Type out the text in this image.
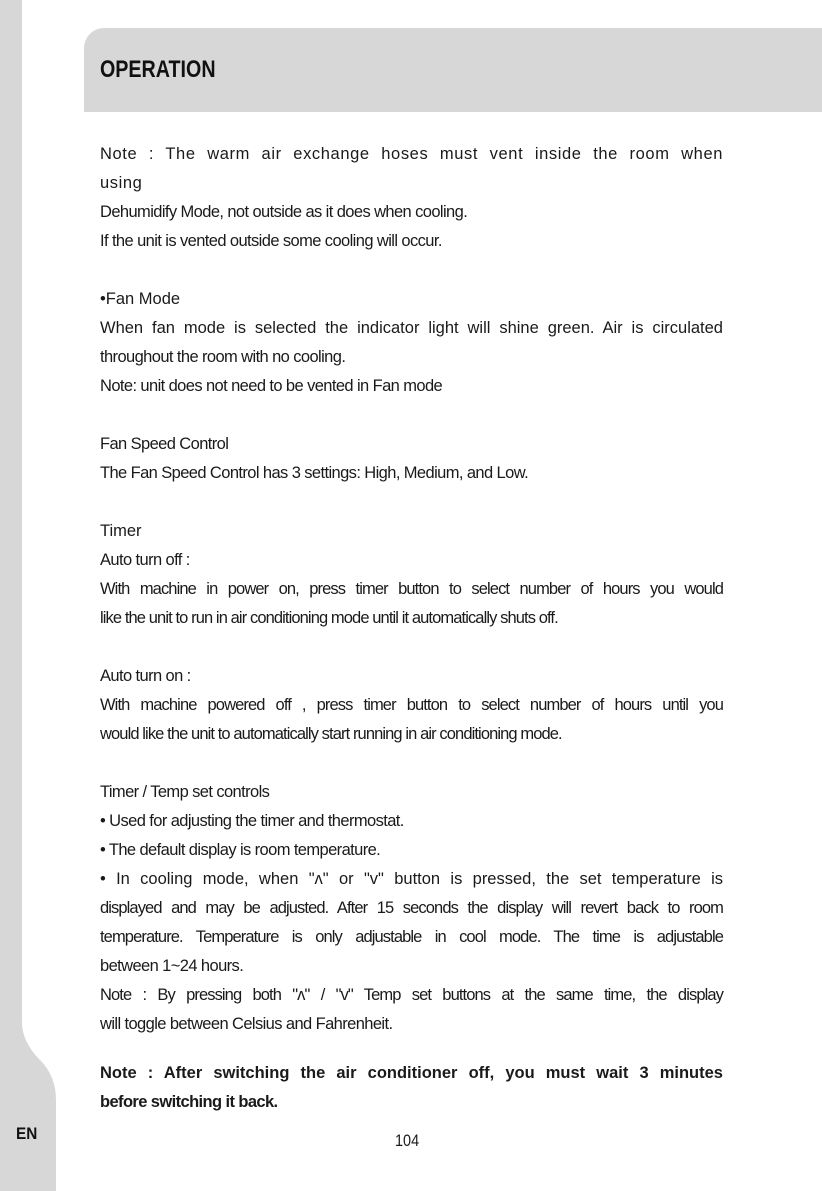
OPERATION

Note : The warm air exchange hoses must vent inside the room when using

Dehumidify Mode, not outside as it does when cooling.

If the unit is vented outside some cooling will occur.

•Fan Mode

When fan mode is selected the indicator light will shine green. Air is circulated

throughout the room with no cooling.

Note: unit does not need to be vented in Fan mode

Fan Speed Control

The Fan Speed Control has 3 settings: High, Medium, and Low.

Timer

Auto turn off :

With machine in power on, press timer button to select number of hours you would

like the unit to run in air conditioning mode until it automatically shuts off.

Auto turn on :

With machine powered off , press timer button to select number of hours until you

would like the unit to automatically start running in air conditioning mode.

Timer / Temp set controls

• Used for adjusting the timer and thermostat.

• The default display is room temperature.

• In cooling mode, when "ʌ" or "v" button is pressed, the set temperature is

displayed and may be adjusted. After 15 seconds the display will revert back to room

temperature. Temperature is only adjustable in cool mode. The time is adjustable

between 1~24 hours.

Note : By pressing both "ʌ" / "v" Temp set buttons at the same time, the display

will toggle between Celsius and Fahrenheit.

Note : After switching the air conditioner off, you must wait 3 minutes

before switching it back.

EN	104
